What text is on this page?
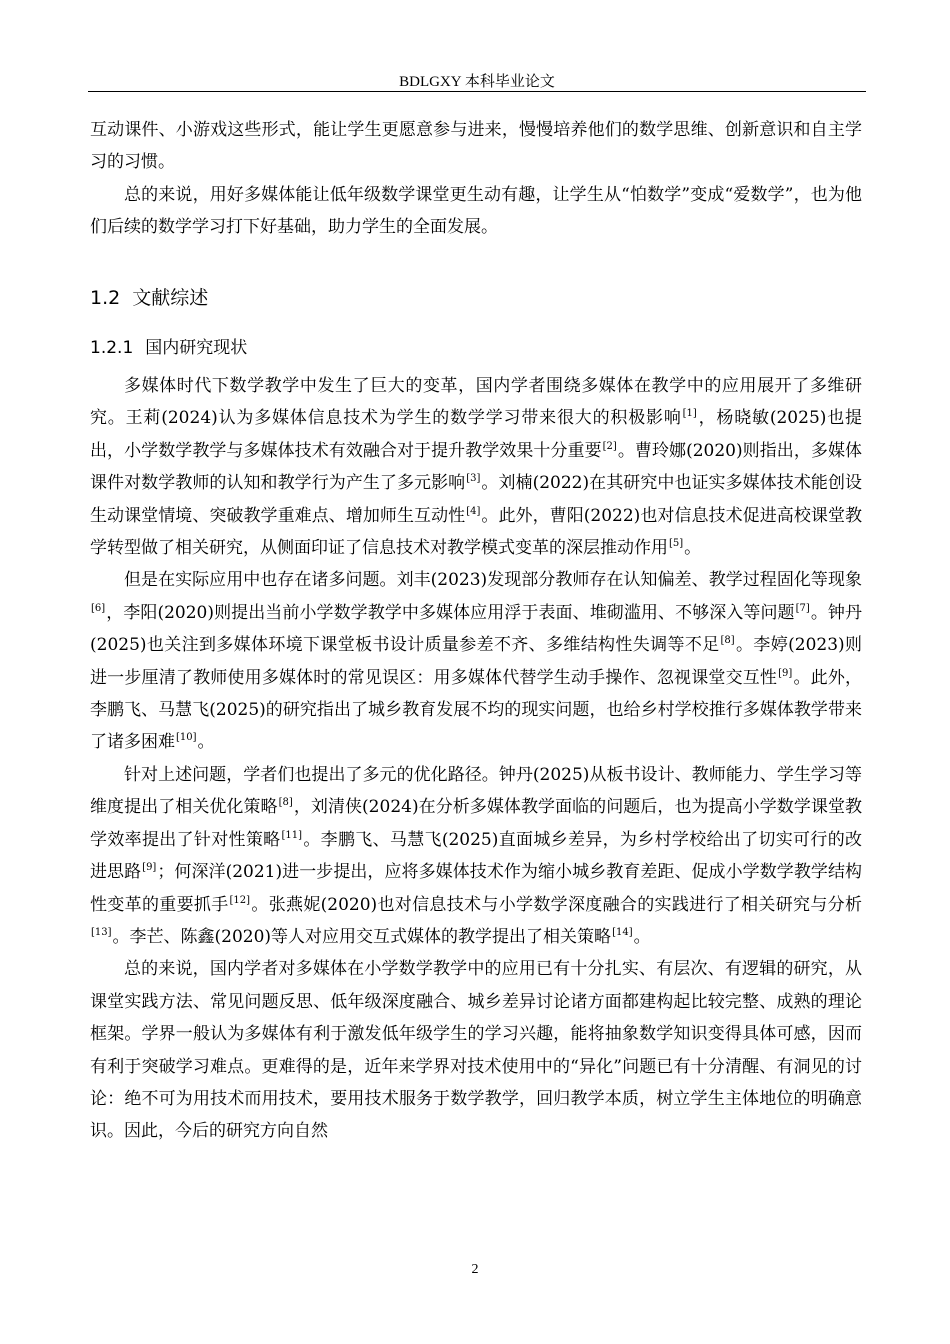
BDLGXY 本科毕业论文

互动课件、小游戏这些形式，能让学生更愿意参与进来，慢慢培养他们的数学思维、创新意识和自主学习的习惯。

总的来说，用好多媒体能让低年级数学课堂更生动有趣，让学生从“怕数学”变成“爱数学”，也为他们后续的数学学习打下好基础，助力学生的全面发展。

1.2 文献综述
1.2.1 国内研究现状

多媒体时代下数学教学中发生了巨大的变革，国内学者围绕多媒体在教学中的应用展开了多维研究。王莉(2024)认为多媒体信息技术为学生的数学学习带来很大的积极影响[1]，杨晓敏(2025)也提出，小学数学教学与多媒体技术有效融合对于提升教学效果十分重要[2]。曹玲娜(2020)则指出，多媒体课件对数学教师的认知和教学行为产生了多元影响[3]。刘楠(2022)在其研究中也证实多媒体技术能创设生动课堂情境、突破教学重难点、增加师生互动性[4]。此外，曹阳(2022)也对信息技术促进高校课堂教学转型做了相关研究，从侧面印证了信息技术对教学模式变革的深层推动作用[5]。

但是在实际应用中也存在诸多问题。刘丰(2023)发现部分教师存在认知偏差、教学过程固化等现象[6]，李阳(2020)则提出当前小学数学教学中多媒体应用浮于表面、堆砌滥用、不够深入等问题[7]。钟丹(2025)也关注到多媒体环境下课堂板书设计质量参差不齐、多维结构性失调等不足[8]。李婷(2023)则进一步厘清了教师使用多媒体时的常见误区：用多媒体代替学生动手操作、忽视课堂交互性[9]。此外，李鹏飞、马慧飞(2025)的研究指出了城乡教育发展不均的现实问题，也给乡村学校推行多媒体教学带来了诸多困难[10]。

针对上述问题，学者们也提出了多元的优化路径。钟丹(2025)从板书设计、教师能力、学生学习等维度提出了相关优化策略[8]，刘清侠(2024)在分析多媒体教学面临的问题后，也为提高小学数学课堂教学效率提出了针对性策略[11]。李鹏飞、马慧飞(2025)直面城乡差异，为乡村学校给出了切实可行的改进思路[9]；何深洋(2021)进一步提出，应将多媒体技术作为缩小城乡教育差距、促成小学数学教学结构性变革的重要抓手[12]。张燕妮(2020)也对信息技术与小学数学深度融合的实践进行了相关研究与分析[13]。李芒、陈鑫(2020)等人对应用交互式媒体的教学提出了相关策略[14]。

总的来说，国内学者对多媒体在小学数学教学中的应用已有十分扎实、有层次、有逻辑的研究，从课堂实践方法、常见问题反思、低年级深度融合、城乡差异讨论诸方面都建构起比较完整、成熟的理论框架。学界一般认为多媒体有利于激发低年级学生的学习兴趣，能将抽象数学知识变得具体可感，因而有利于突破学习难点。更难得的是，近年来学界对技术使用中的“异化”问题已有十分清醒、有洞见的讨论：绝不可为用技术而用技术，要用技术服务于数学教学，回归教学本质，树立学生主体地位的明确意识。因此，今后的研究方向自然

2
